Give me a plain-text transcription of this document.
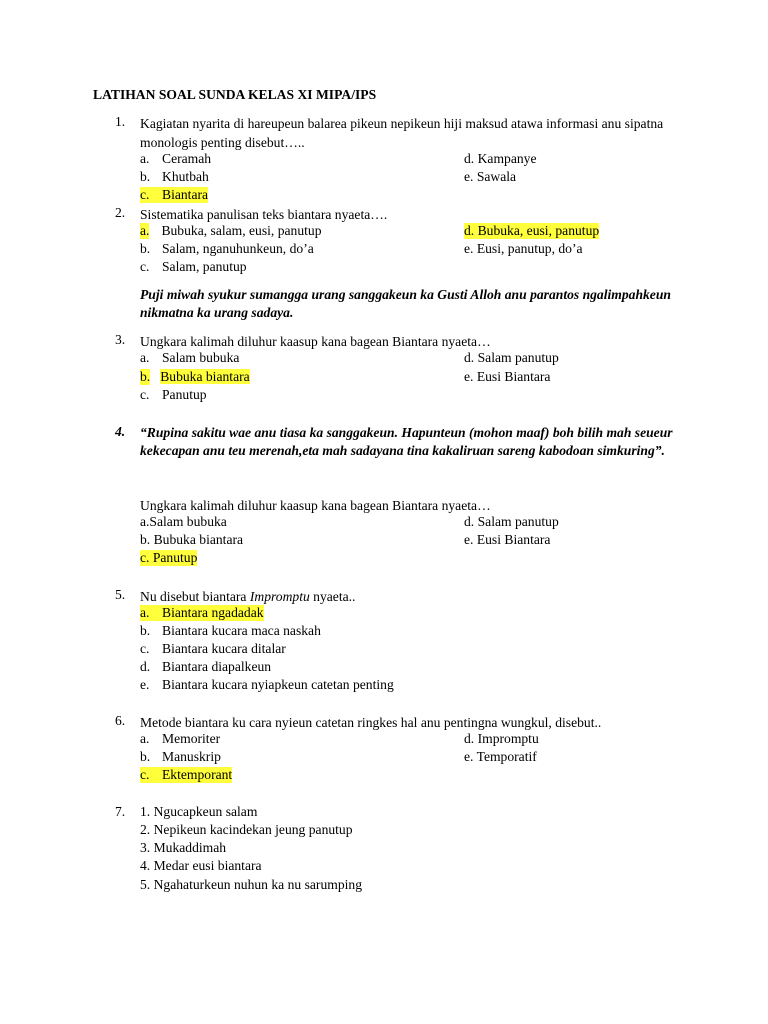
LATIHAN SOAL SUNDA KELAS XI MIPA/IPS
1. Kagiatan nyarita di hareupeun balarea pikeun nepikeun hiji maksud atawa informasi anu sipatna monologis penting disebut…..
a. Ceramah
b. Khutbah
c. Biantara
d. Kampanye
e. Sawala
2. Sistematika panulisan teks biantara nyaeta….
a. Bubuka, salam, eusi, panutup
b. Salam, nganuhunkeun, do’a
c. Salam, panutup
d. Bubuka, eusi, panutup
e. Eusi, panutup, do’a
Puji miwah syukur sumangga urang sanggakeun ka Gusti Alloh anu parantos ngalimpahkeun nikmatna ka urang sadaya.
3. Ungkara kalimah diluhur kaasup kana bagean Biantara nyaeta…
a. Salam bubuka
b. Bubuka biantara
c. Panutup
d. Salam panutup
e. Eusi Biantara
4. “Rupina sakitu wae anu tiasa ka sanggakeun. Hapunteun (mohon maaf) boh bilih mah seueur kekecapan anu teu merenah,eta mah sadayana tina kakaliruan sareng kabodoan simkuring”.
Ungkara kalimah diluhur kaasup kana bagean Biantara nyaeta…
a.Salam bubuka
b. Bubuka biantara
c. Panutup
d. Salam panutup
e. Eusi Biantara
5. Nu disebut biantara Impromptu nyaeta..
a. Biantara ngadadak
b. Biantara kucara maca naskah
c. Biantara kucara ditalar
d. Biantara diapalkeun
e. Biantara kucara nyiapkeun catetan penting
6. Metode biantara ku cara nyieun catetan ringkes hal anu pentingna wungkul, disebut..
a. Memoriter
b. Manuskrip
c. Ektemporant
d. Impromptu
e. Temporatif
7. 1. Ngucapkeun salam
2. Nepikeun kacindekan jeung panutup
3. Mukaddimah
4. Medar eusi biantara
5. Ngahaturkeun nuhun ka nu sarumping
